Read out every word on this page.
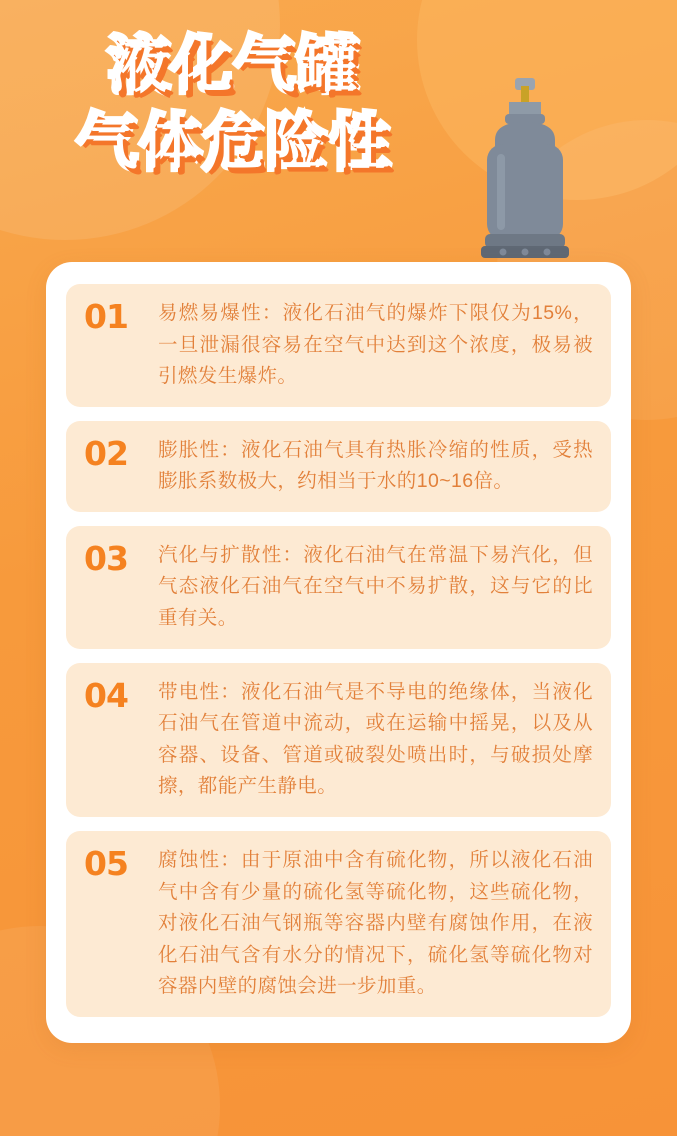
液化气罐
气体危险性
01 易燃易爆性：液化石油气的爆炸下限仅为15%，一旦泄漏很容易在空气中达到这个浓度，极易被引燃发生爆炸。
02 膨胀性：液化石油气具有热胀冷缩的性质，受热膨胀系数极大，约相当于水的10~16倍。
03 汽化与扩散性：液化石油气在常温下易汽化，但气态液化石油气在空气中不易扩散，这与它的比重有关。
04 带电性：液化石油气是不导电的绝缘体，当液化石油气在管道中流动，或在运输中摇晃，以及从容器、设备、管道或破裂处喷出时，与破损处摩擦，都能产生静电。
05 腐蚀性：由于原油中含有硫化物，所以液化石油气中含有少量的硫化氢等硫化物，这些硫化物，对液化石油气钢瓶等容器内壁有腐蚀作用，在液化石油气含有水分的情况下，硫化氢等硫化物对容器内壁的腐蚀会进一步加重。
